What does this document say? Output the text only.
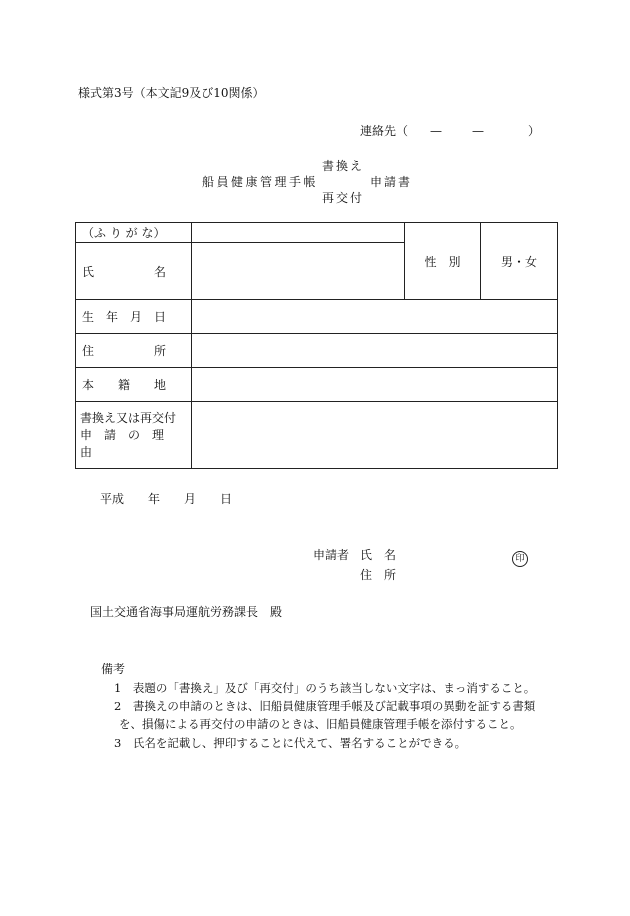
様式第3号（本文記9及び10関係）
連絡先（ —	—	）
書換え
船員健康管理手帳	申請書
再交付
（ふ り が な）		性　別	男・女

氏　　　　　名			

生　年　月　日			

住　　　　　所			

本　　籍　　地			

書換え又は再交付
申　請　の　理　由			

平成　　年　　月　　日
申請者 氏　名	印
住　所
国土交通省海事局運航労務課長　殿
備考
1　表題の「書換え」及び「再交付」のうち該当しない文字は、まっ消すること。
2　書換えの申請のときは、旧船員健康管理手帳及び記載事項の異動を証する書類
を、損傷による再交付の申請のときは、旧船員健康管理手帳を添付すること。
3　氏名を記載し、押印することに代えて、署名することができる。
